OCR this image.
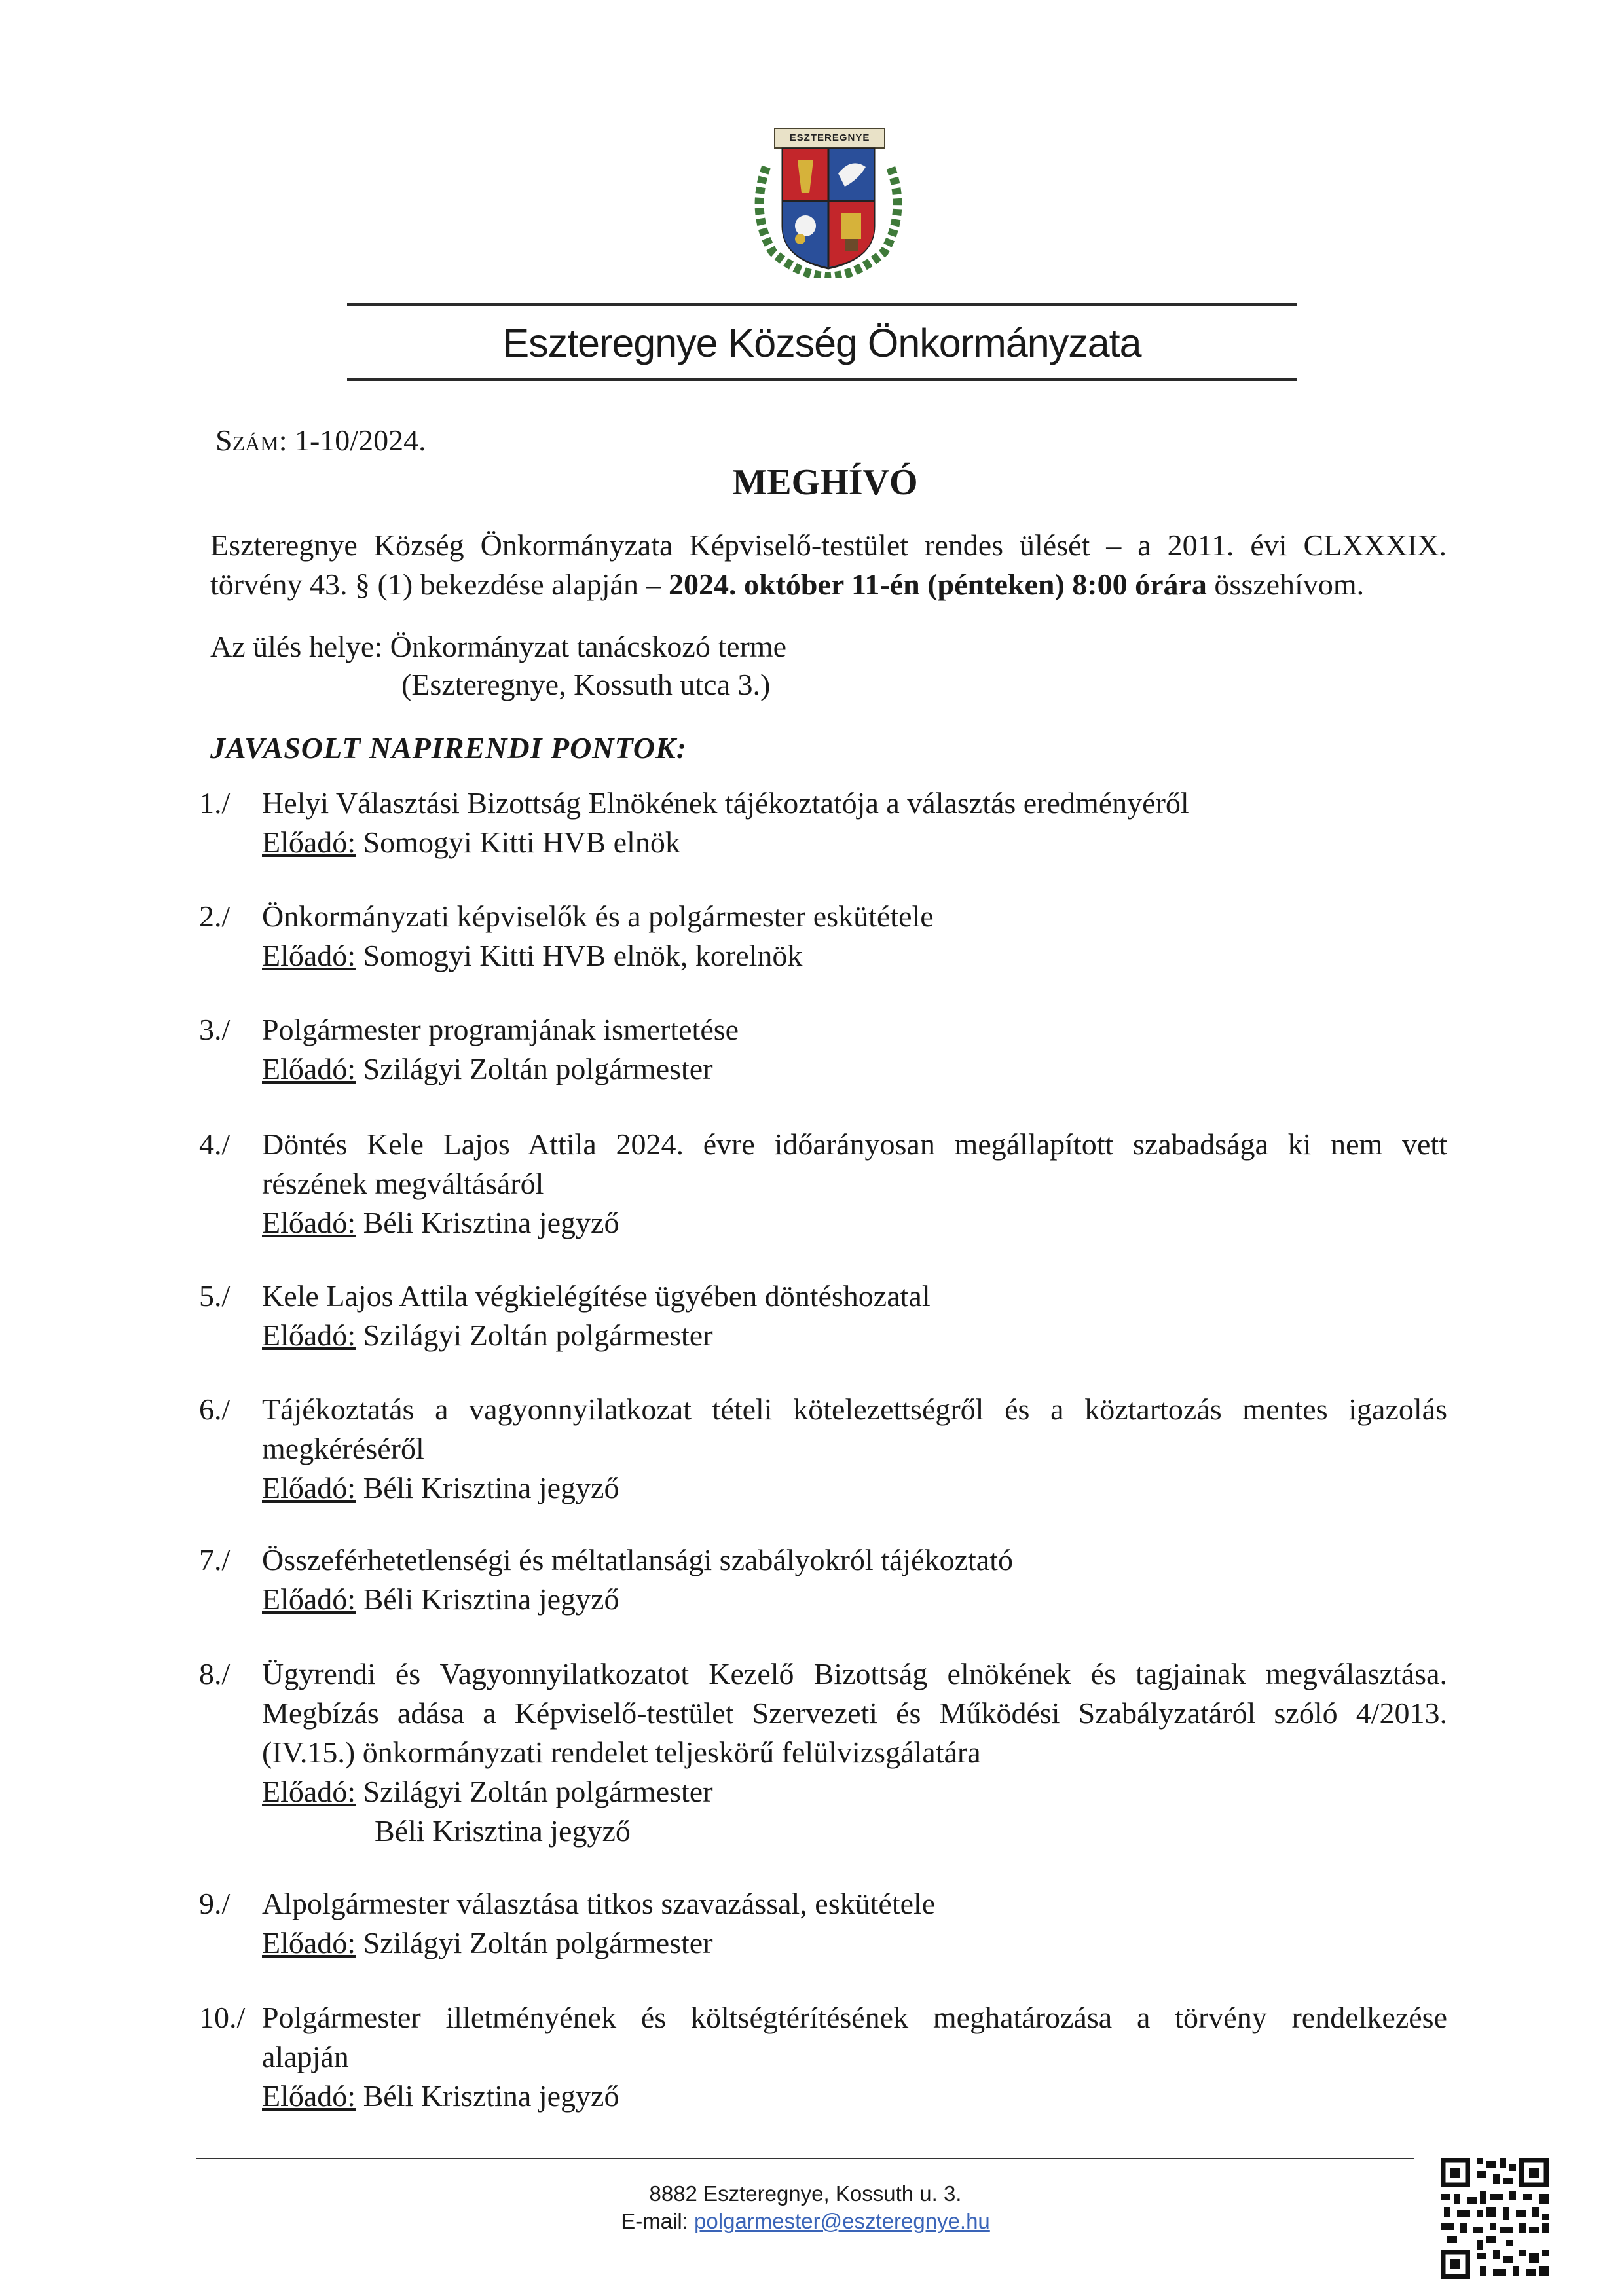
ESZTEREGNYE
Eszteregnye Község Önkormányzata
Szám: 1-10/2024.
MEGHÍVÓ
Eszteregnye Község Önkormányzata Képviselő-testület rendes ülését – a 2011. évi CLXXXIX.
törvény 43. § (1) bekezdése alapján – 2024. október 11-én (pénteken) 8:00 órára összehívom.
Az ülés helye: Önkormányzat tanácskozó terme
(Eszteregnye, Kossuth utca 3.)
JAVASOLT NAPIRENDI PONTOK:
1./ Helyi Választási Bizottság Elnökének tájékoztatója a választás eredményéről
Előadó: Somogyi Kitti HVB elnök
2./ Önkormányzati képviselők és a polgármester eskütétele
Előadó: Somogyi Kitti HVB elnök, korelnök
3./ Polgármester programjának ismertetése
Előadó: Szilágyi Zoltán polgármester
4./ Döntés Kele Lajos Attila 2024. évre időarányosan megállapított szabadsága ki nem vett
részének megváltásáról
Előadó: Béli Krisztina jegyző
5./ Kele Lajos Attila végkielégítése ügyében döntéshozatal
Előadó: Szilágyi Zoltán polgármester
6./ Tájékoztatás a vagyonnyilatkozat tételi kötelezettségről és a köztartozás mentes igazolás
megkéréséről
Előadó: Béli Krisztina jegyző
7./ Összeférhetetlenségi és méltatlansági szabályokról tájékoztató
Előadó: Béli Krisztina jegyző
8./ Ügyrendi és Vagyonnyilatkozatot Kezelő Bizottság elnökének és tagjainak megválasztása.
Megbízás adása a Képviselő-testület Szervezeti és Működési Szabályzatáról szóló 4/2013.
(IV.15.) önkormányzati rendelet teljeskörű felülvizsgálatára
Előadó: Szilágyi Zoltán polgármester
Béli Krisztina jegyző
9./ Alpolgármester választása titkos szavazással, eskütétele
Előadó: Szilágyi Zoltán polgármester
10./ Polgármester illetményének és költségtérítésének meghatározása a törvény rendelkezése
alapján
Előadó: Béli Krisztina jegyző
8882 Eszteregnye, Kossuth u. 3.
E-mail: polgarmester@eszteregnye.hu
